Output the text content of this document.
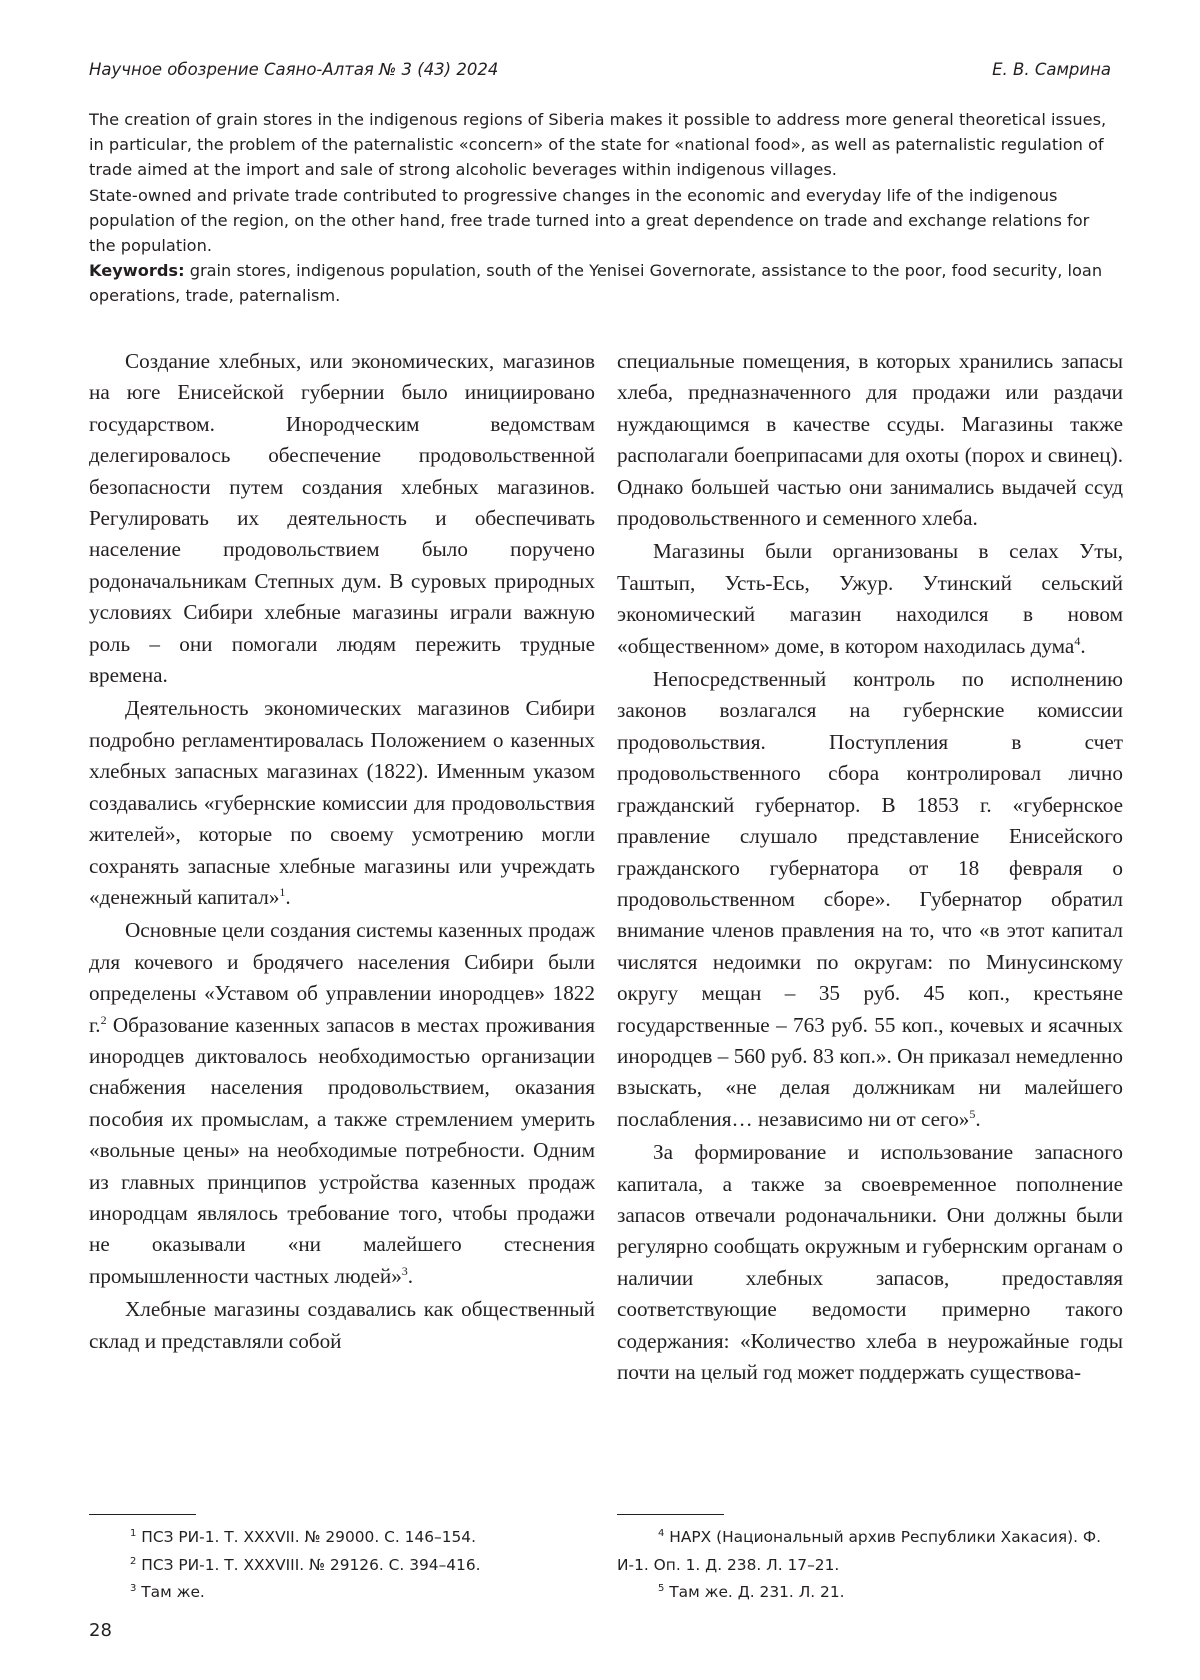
Научное обозрение Саяно-Алтая № 3 (43) 2024	Е. В. Самрина

The creation of grain stores in the indigenous regions of Siberia makes it possible to address more general theoretical issues, in particular, the problem of the paternalistic «concern» of the state for «national food», as well as paternalistic regulation of trade aimed at the import and sale of strong alcoholic beverages within indigenous villages.

State-owned and private trade contributed to progressive changes in the economic and everyday life of the indigenous population of the region, on the other hand, free trade turned into a great dependence on trade and exchange relations for the population.

Keywords: grain stores, indigenous population, south of the Yenisei Governorate, assistance to the poor, food security, loan operations, trade, paternalism.

Создание хлебных, или экономических, магазинов на юге Енисейской губернии было инициировано государством. Инородческим ведомствам делегировалось обеспечение продовольственной безопасности путем создания хлебных магазинов. Регулировать их деятельность и обеспечивать население продовольствием было поручено родоначальникам Степных дум. В суровых природных условиях Сибири хлебные магазины играли важную роль – они помогали людям пережить трудные времена.

Деятельность экономических магазинов Сибири подробно регламентировалась Положением о казенных хлебных запасных магазинах (1822). Именным указом создавались «губернские комиссии для продовольствия жителей», которые по своему усмотрению могли сохранять запасные хлебные магазины или учреждать «денежный капитал»$^1$.

Основные цели создания системы казенных продаж для кочевого и бродячего населения Сибири были определены «Уставом об управлении инородцев» 1822 г.$^2$ Образование казенных запасов в местах проживания инородцев диктовалось необходимостью организации снабжения населения продовольствием, оказания пособия их промыслам, а также стремлением умерить «вольные цены» на необходимые потребности. Одним из главных принципов устройства казенных продаж инородцам являлось требование того, чтобы продажи не оказывали «ни малейшего стеснения промышленности частных людей»$^3$.

Хлебные магазины создавались как общественный склад и представляли собой

специальные помещения, в которых хранились запасы хлеба, предназначенного для продажи или раздачи нуждающимся в качестве ссуды. Магазины также располагали боеприпасами для охоты (порох и свинец). Однако большей частью они занимались выдачей ссуд продовольственного и семенного хлеба.

Магазины были организованы в селах Уты, Таштып, Усть-Есь, Ужур. Утинский сельский экономический магазин находился в новом «общественном» доме, в котором находилась дума$^4$.

Непосредственный контроль по исполнению законов возлагался на губернские комиссии продовольствия. Поступления в счет продовольственного сбора контролировал лично гражданский губернатор. В 1853 г. «губернское правление слушало представление Енисейского гражданского губернатора от 18 февраля о продовольственном сборе». Губернатор обратил внимание членов правления на то, что «в этот капитал числятся недоимки по округам: по Минусинскому округу мещан – 35 руб. 45 коп., крестьяне государственные – 763 руб. 55 коп., кочевых и ясачных инородцев – 560 руб. 83 коп.». Он приказал немедленно взыскать, «не делая должникам ни малейшего послабления… независимо ни от сего»$^5$.

За формирование и использование запасного капитала, а также за своевременное пополнение запасов отвечали родоначальники. Они должны были регулярно сообщать окружным и губернским органам о наличии хлебных запасов, предоставляя соответствующие ведомости примерно такого содержания: «Количество хлеба в неурожайные годы почти на целый год может поддержать существова-

$^1$ ПСЗ РИ-1. Т. XXXVII. № 29000. С. 146–154.

$^2$ ПСЗ РИ-1. Т. XXXVIII. № 29126. С. 394–416.

$^3$ Там же.

$^4$ НАРХ (Национальный архив Республики Хакасия). Ф. И-1. Оп. 1. Д. 238. Л. 17–21.

$^5$ Там же. Д. 231. Л. 21.

28
